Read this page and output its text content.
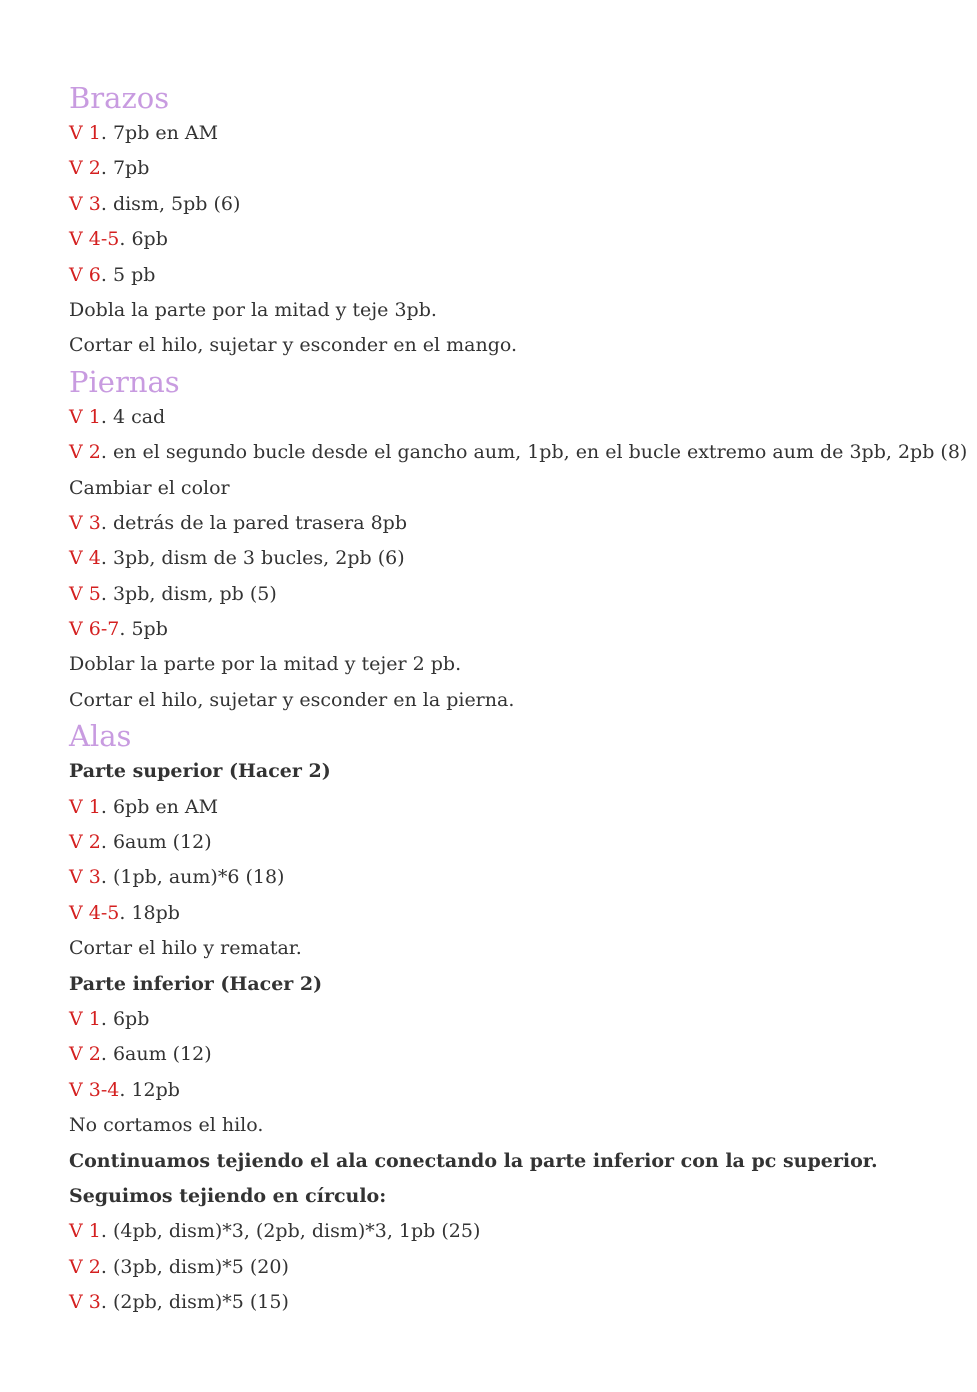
Brazos
V 1. 7pb en AM
V 2. 7pb
V 3. dism, 5pb (6)
V 4-5. 6pb
V 6. 5 pb
Dobla la parte por la mitad y teje 3pb.
Cortar el hilo, sujetar y esconder en el mango.
Piernas
V 1. 4 cad
V 2. en el segundo bucle desde el gancho aum, 1pb, en el bucle extremo aum de 3pb, 2pb (8)
Cambiar el color
V 3. detrás de la pared trasera 8pb
V 4. 3pb, dism de 3 bucles, 2pb (6)
V 5. 3pb, dism, pb (5)
V 6-7. 5pb
Doblar la parte por la mitad y tejer 2 pb.
Cortar el hilo, sujetar y esconder en la pierna.
Alas
Parte superior (Hacer 2)
V 1. 6pb en AM
V 2. 6aum (12)
V 3. (1pb, aum)*6 (18)
V 4-5. 18pb
Cortar el hilo y rematar.
Parte inferior (Hacer 2)
V 1. 6pb
V 2. 6aum (12)
V 3-4. 12pb
No cortamos el hilo.
Continuamos tejiendo el ala conectando la parte inferior con la pc superior. Seguimos tejiendo en círculo:
V 1. (4pb, dism)*3, (2pb, dism)*3, 1pb (25)
V 2. (3pb, dism)*5 (20)
V 3. (2pb, dism)*5 (15)
